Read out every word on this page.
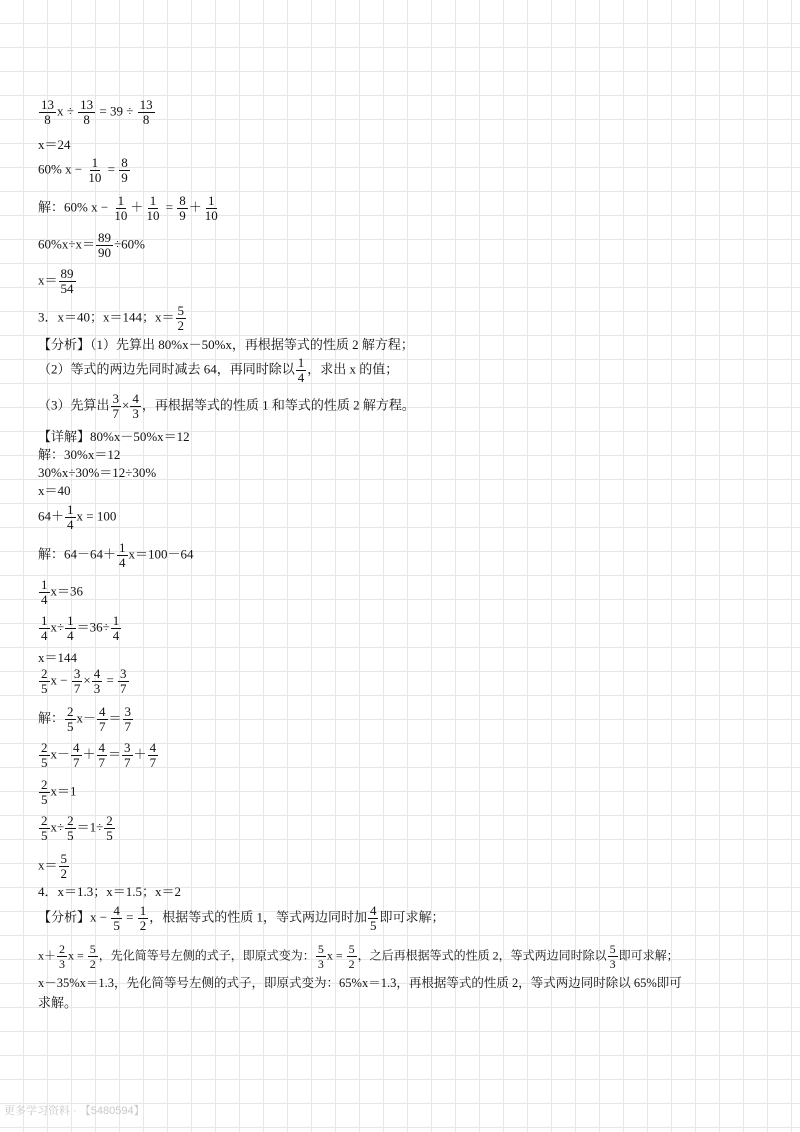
$\frac{13}{8}$ $x \div \frac{13}{8} = 39 \div \frac{13}{8}$
x＝24
60% $x - \frac{1}{10} = \frac{8}{9}$
解：60% $x - \frac{1}{10} + \frac{1}{10} = \frac{8}{9} + \frac{1}{10}$
$60\%x\div x= \frac{89}{90} \div 60\%$
$x= \frac{89}{54}$
3．x＝40；x＝144；$x= \frac{5}{2}$
【分析】（1）先算出 80%x－50%x，再根据等式的性质 2 解方程；
（2）等式的两边先同时减去 64，再同时除以 $\frac{1}{4}$ ，求出 x 的值；
（3）先算出 $\frac{3}{7} \times \frac{4}{3}$ ，再根据等式的性质 1 和等式的性质 2 解方程。
【详解】80%x－50%x＝12
解：30%x＝12
30%x÷30%＝12÷30%
x＝40
$64+ \frac{1}{4}$ x = 100
解：$64-64+ \frac{1}{4} x=100-64$
$\frac{1}{4} x=36$
$\frac{1}{4} x\div \frac{1}{4} =36\div \frac{1}{4}$
x＝144
$\frac{2}{5}$ $x - \frac{3}{7} \times \frac{4}{3} = \frac{3}{7}$
解： $\frac{2}{5} x- \frac{4}{7} = \frac{3}{7}$
$\frac{2}{5} x- \frac{4}{7} + \frac{4}{7} = \frac{3}{7} + \frac{4}{7}$
$\frac{2}{5} x=1$
$\frac{2}{5} x\div \frac{2}{5} =1\div \frac{2}{5}$
$x= \frac{5}{2}$
4．x＝1.3；x＝1.5；x＝2
【分析】$x - \frac{4}{5} = \frac{1}{2}$ ，根据等式的性质 1，等式两边同时加 $\frac{4}{5}$ 即可求解；
$x+ \frac{2}{3}$ $x = \frac{5}{2}$ ，先化简等号左侧的式子，即原式变为： $\frac{5}{3}$ $x = \frac{5}{2}$ ，之后再根据等式的性质 2，等式两边同时除以 $\frac{5}{3}$ 即可求解；
x－35%x＝1.3，先化简等号左侧的式子，即原式变为：65%x＝1.3，再根据等式的性质 2，等式两边同时除以 65%即可
求解。
更多学习资料 · 【5480594】
